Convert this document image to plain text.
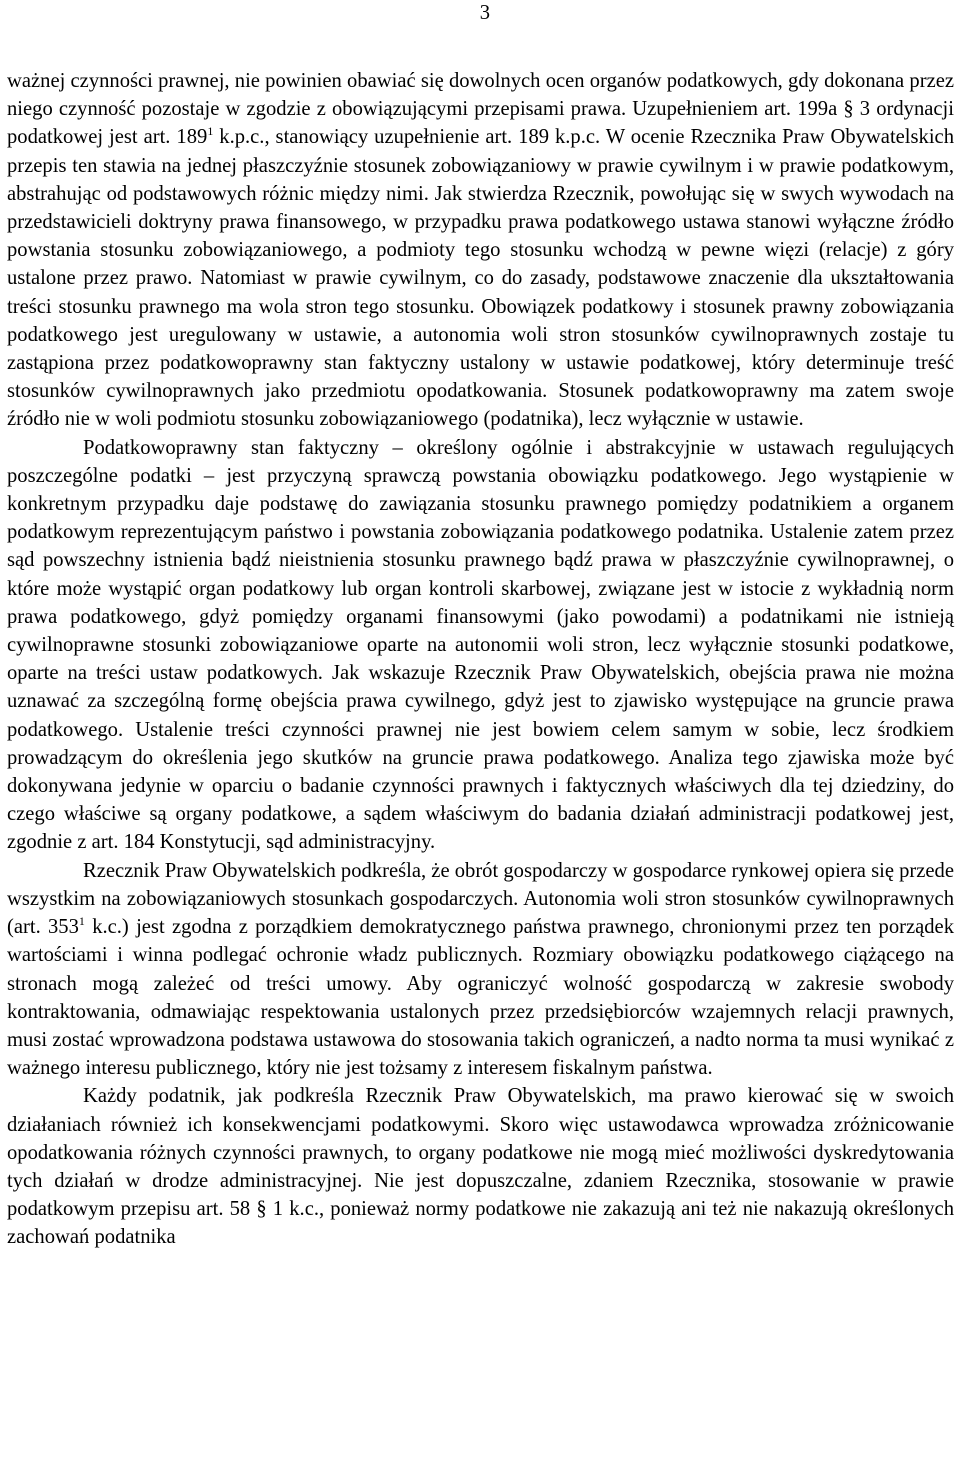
3

ważnej czynności prawnej, nie powinien obawiać się dowolnych ocen organów podatkowych, gdy dokonana przez niego czynność pozostaje w zgodzie z obowiązującymi przepisami prawa. Uzupełnieniem art. 199a § 3 ordynacji podatkowej jest art. $189^1$ k.p.c., stanowiący uzupełnienie art. 189 k.p.c. W ocenie Rzecznika Praw Obywatelskich przepis ten stawia na jednej płaszczyźnie stosunek zobowiązaniowy w prawie cywilnym i w prawie podatkowym, abstrahując od podstawowych różnic między nimi. Jak stwierdza Rzecznik, powołując się w swych wywodach na przedstawicieli doktryny prawa finansowego, w przypadku prawa podatkowego ustawa stanowi wyłączne źródło powstania stosunku zobowiązaniowego, a podmioty tego stosunku wchodzą w pewne więzi (relacje) z góry ustalone przez prawo. Natomiast w prawie cywilnym, co do zasady, podstawowe znaczenie dla ukształtowania treści stosunku prawnego ma wola stron tego stosunku. Obowiązek podatkowy i stosunek prawny zobowiązania podatkowego jest uregulowany w ustawie, a autonomia woli stron stosunków cywilnoprawnych zostaje tu zastąpiona przez podatkowoprawny stan faktyczny ustalony w ustawie podatkowej, który determinuje treść stosunków cywilnoprawnych jako przedmiotu opodatkowania. Stosunek podatkowoprawny ma zatem swoje źródło nie w woli podmiotu stosunku zobowiązaniowego (podatnika), lecz wyłącznie w ustawie.

Podatkowoprawny stan faktyczny – określony ogólnie i abstrakcyjnie w ustawach regulujących poszczególne podatki – jest przyczyną sprawczą powstania obowiązku podatkowego. Jego wystąpienie w konkretnym przypadku daje podstawę do zawiązania stosunku prawnego pomiędzy podatnikiem a organem podatkowym reprezentującym państwo i powstania zobowiązania podatkowego podatnika. Ustalenie zatem przez sąd powszechny istnienia bądź nieistnienia stosunku prawnego bądź prawa w płaszczyźnie cywilnoprawnej, o które może wystąpić organ podatkowy lub organ kontroli skarbowej, związane jest w istocie z wykładnią norm prawa podatkowego, gdyż pomiędzy organami finansowymi (jako powodami) a podatnikami nie istnieją cywilnoprawne stosunki zobowiązaniowe oparte na autonomii woli stron, lecz wyłącznie stosunki podatkowe, oparte na treści ustaw podatkowych. Jak wskazuje Rzecznik Praw Obywatelskich, obejścia prawa nie można uznawać za szczególną formę obejścia prawa cywilnego, gdyż jest to zjawisko występujące na gruncie prawa podatkowego. Ustalenie treści czynności prawnej nie jest bowiem celem samym w sobie, lecz środkiem prowadzącym do określenia jego skutków na gruncie prawa podatkowego. Analiza tego zjawiska może być dokonywana jedynie w oparciu o badanie czynności prawnych i faktycznych właściwych dla tej dziedziny, do czego właściwe są organy podatkowe, a sądem właściwym do badania działań administracji podatkowej jest, zgodnie z art. 184 Konstytucji, sąd administracyjny.

Rzecznik Praw Obywatelskich podkreśla, że obrót gospodarczy w gospodarce rynkowej opiera się przede wszystkim na zobowiązaniowych stosunkach gospodarczych. Autonomia woli stron stosunków cywilnoprawnych (art. $353^1$ k.c.) jest zgodna z porządkiem demokratycznego państwa prawnego, chronionymi przez ten porządek wartościami i winna podlegać ochronie władz publicznych. Rozmiary obowiązku podatkowego ciążącego na stronach mogą zależeć od treści umowy. Aby ograniczyć wolność gospodarczą w zakresie swobody kontraktowania, odmawiając respektowania ustalonych przez przedsiębiorców wzajemnych relacji prawnych, musi zostać wprowadzona podstawa ustawowa do stosowania takich ograniczeń, a nadto norma ta musi wynikać z ważnego interesu publicznego, który nie jest tożsamy z interesem fiskalnym państwa.

Każdy podatnik, jak podkreśla Rzecznik Praw Obywatelskich, ma prawo kierować się w swoich działaniach również ich konsekwencjami podatkowymi. Skoro więc ustawodawca wprowadza zróżnicowanie opodatkowania różnych czynności prawnych, to organy podatkowe nie mogą mieć możliwości dyskredytowania tych działań w drodze administracyjnej. Nie jest dopuszczalne, zdaniem Rzecznika, stosowanie w prawie podatkowym przepisu art. 58 § 1 k.c., ponieważ normy podatkowe nie zakazują ani też nie nakazują określonych zachowań podatnika
